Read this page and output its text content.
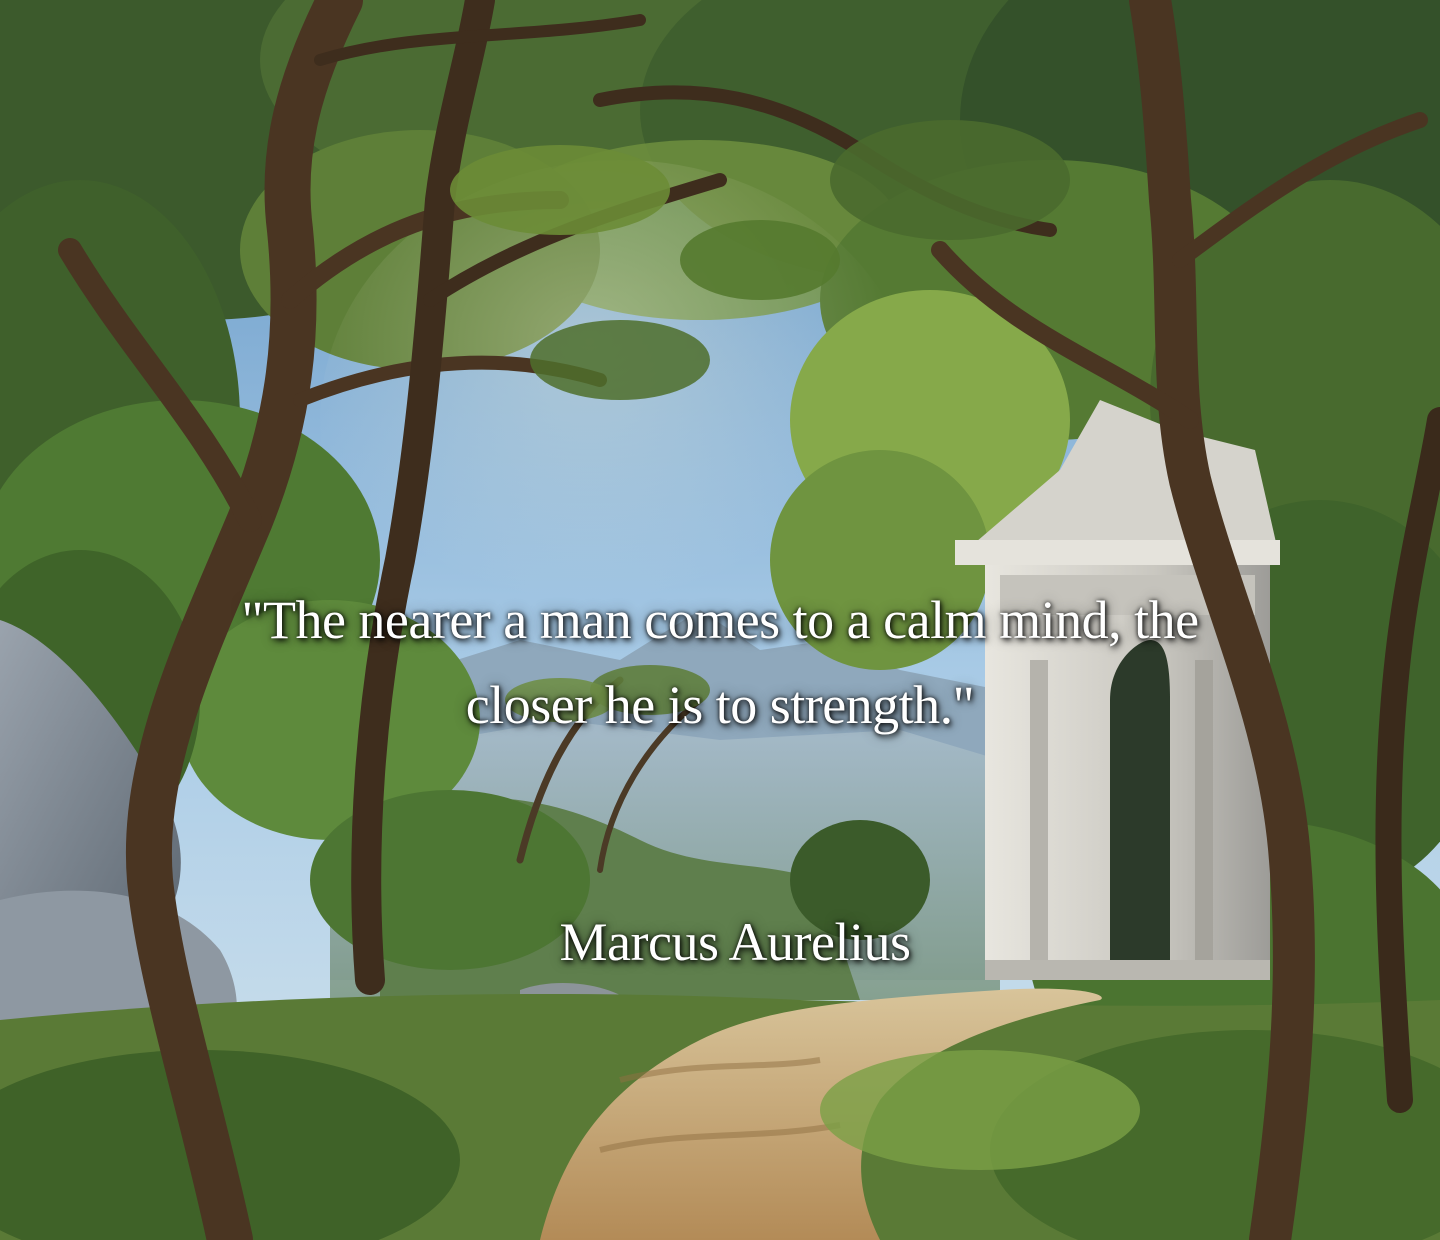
"The nearer a man comes to a calm mind, the
closer he is to strength."
Marcus Aurelius
